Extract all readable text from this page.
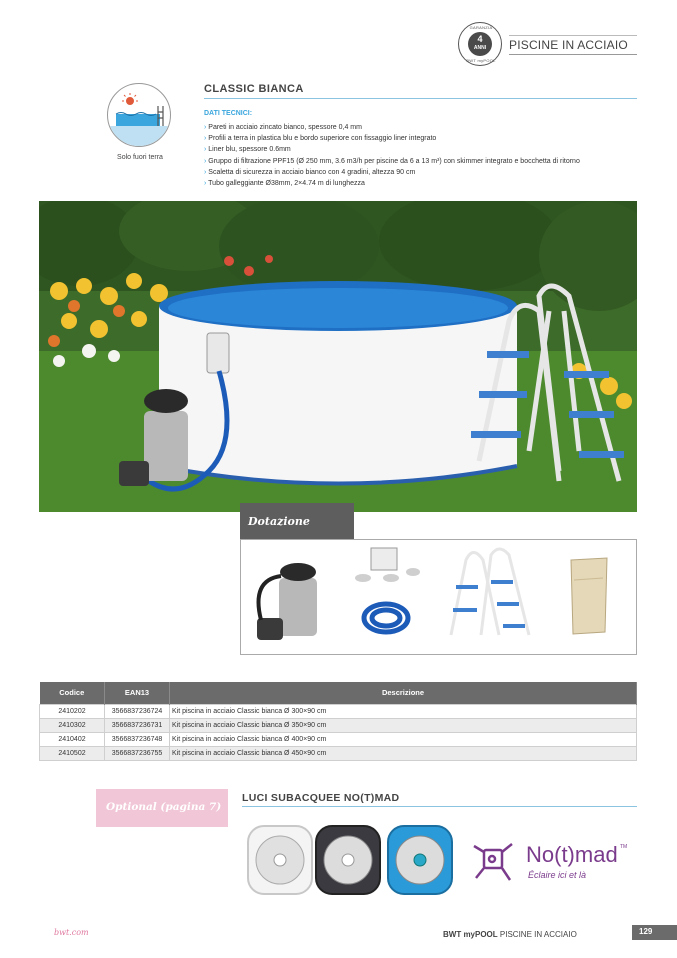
GARANZIA
4
ANNI
BWT myPOOL
PISCINE IN ACCIAIO
Solo fuori terra
CLASSIC BIANCA
DATI TECNICI:
› Pareti in acciaio zincato bianco, spessore 0,4 mm
› Profili a terra in plastica blu e bordo superiore con fissaggio liner integrato
› Liner blu, spessore 0.6mm
› Gruppo di filtrazione PPF15 (Ø 250 mm, 3.6 m3/h per piscine da 6 a 13 m³) con skimmer integrato e bocchetta di ritorno
› Scaletta di sicurezza in acciaio bianco con 4 gradini, altezza 90 cm
› Tubo galleggiante Ø38mm, 2×4.74 m di lunghezza
Dotazione
Codice	EAN13	Descrizione
2410202	3566837236724	Kit piscina in acciaio Classic bianca Ø 300×90 cm
2410302	3566837236731	Kit piscina in acciaio Classic bianca Ø 350×90 cm
2410402	3566837236748	Kit piscina in acciaio Classic bianca Ø 400×90 cm
2410502	3566837236755	Kit piscina in acciaio Classic bianca Ø 450×90 cm
Optional (pagina 7)
LUCI SUBACQUEE NO(T)MAD
No(t)mad TM
Éclaire ici et là
bwt.com	BWT myPOOL PISCINE IN ACCIAIO	129
